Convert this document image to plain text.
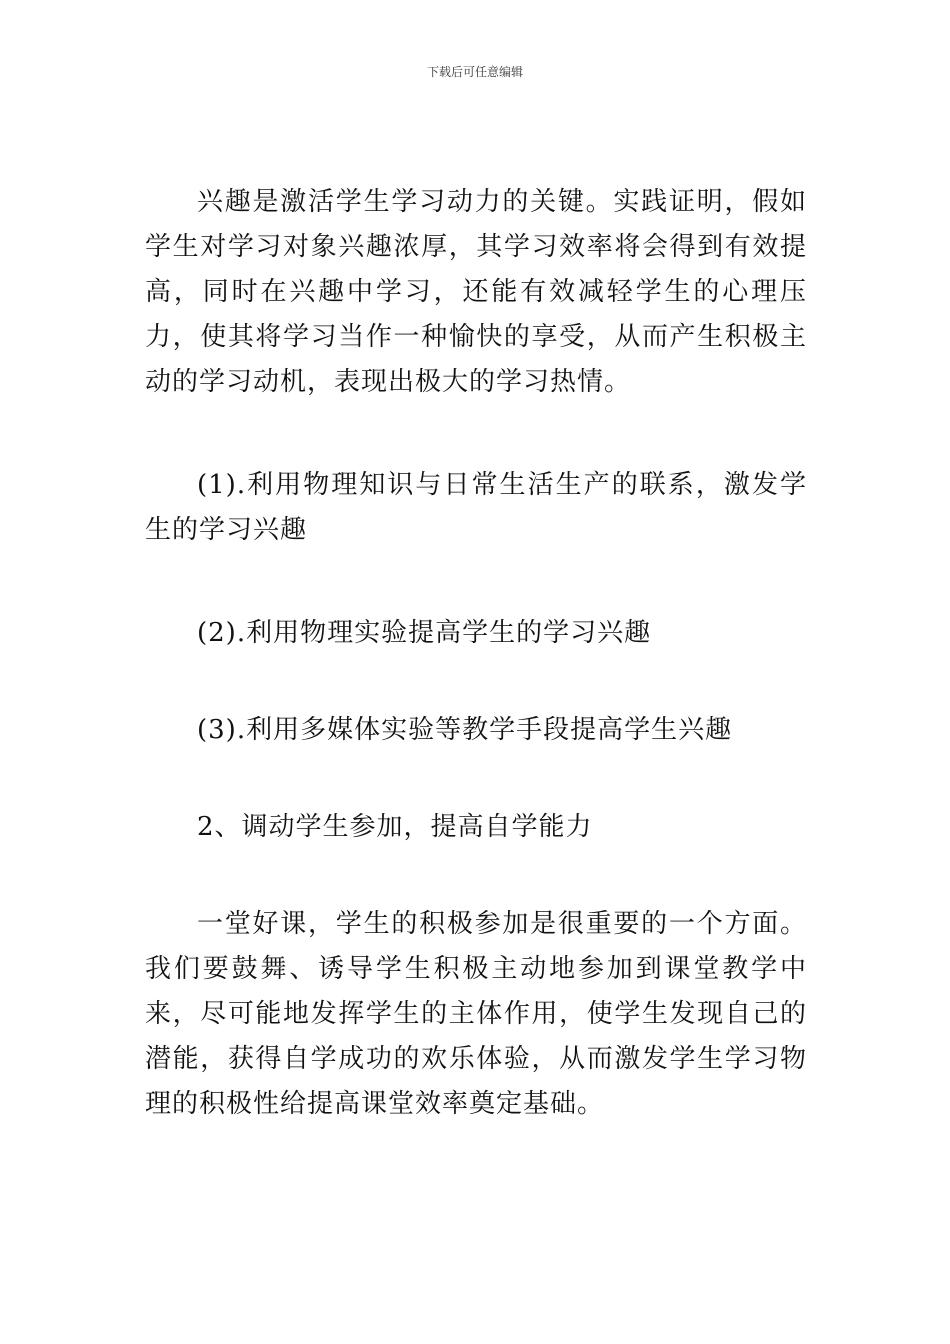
下载后可任意编辑

兴趣是激活学生学习动力的关键。实践证明，假如学生对学习对象兴趣浓厚，其学习效率将会得到有效提高，同时在兴趣中学习，还能有效减轻学生的心理压力，使其将学习当作一种愉快的享受，从而产生积极主动的学习动机，表现出极大的学习热情。

(1).利用物理知识与日常生活生产的联系，激发学生的学习兴趣

(2).利用物理实验提高学生的学习兴趣

(3).利用多媒体实验等教学手段提高学生兴趣

2、调动学生参加，提高自学能力

一堂好课，学生的积极参加是很重要的一个方面。我们要鼓舞、诱导学生积极主动地参加到课堂教学中来，尽可能地发挥学生的主体作用，使学生发现自己的潜能，获得自学成功的欢乐体验，从而激发学生学习物理的积极性给提高课堂效率奠定基础。
